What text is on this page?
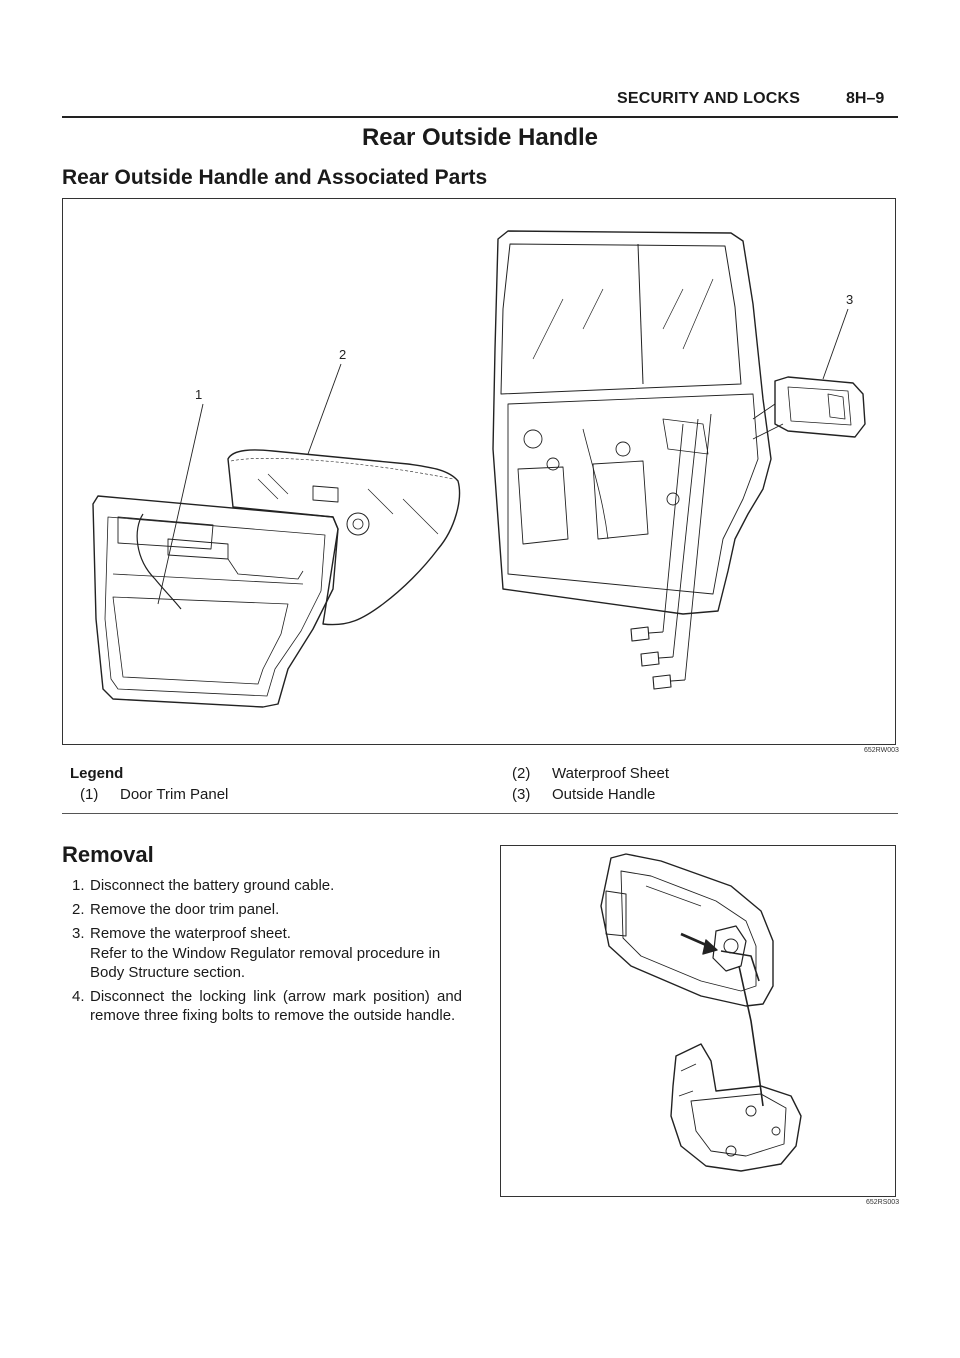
SECURITY AND LOCKS	8H–9
Rear Outside Handle
Rear Outside Handle and Associated Parts
1
2
3
652RW003
Legend
(1) Door Trim Panel
(2) Waterproof Sheet
(3) Outside Handle
Removal
1. Disconnect the battery ground cable.
2. Remove the door trim panel.
3. Remove the waterproof sheet.
Refer to the Window Regulator removal procedure in Body Structure section.
4. Disconnect the locking link (arrow mark position) and remove three fixing bolts to remove the outside handle.
652RS003
